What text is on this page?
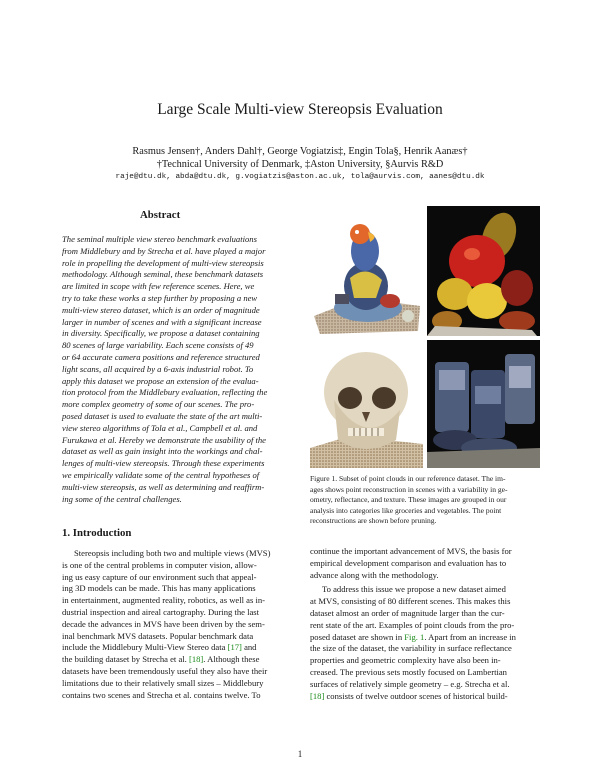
Large Scale Multi-view Stereopsis Evaluation
Rasmus Jensen†, Anders Dahl†, George Vogiatzis‡, Engin Tola§, Henrik Aanæs†
†Technical University of Denmark, ‡Aston University, §Aurvis R&D
raje@dtu.dk, abda@dtu.dk, g.vogiatzis@aston.ac.uk, tola@aurvis.com, aanes@dtu.dk
Abstract
The seminal multiple view stereo benchmark evaluations
from Middlebury and by Strecha et al. have played a major
role in propelling the development of multi-view stereopsis
methodology. Although seminal, these benchmark datasets
are limited in scope with few reference scenes. Here, we
try to take these works a step further by proposing a new
multi-view stereo dataset, which is an order of magnitude
larger in number of scenes and with a significant increase
in diversity. Specifically, we propose a dataset containing
80 scenes of large variability. Each scene consists of 49
or 64 accurate camera positions and reference structured
light scans, all acquired by a 6-axis industrial robot. To
apply this dataset we propose an extension of the evalua-
tion protocol from the Middlebury evaluation, reflecting the
more complex geometry of some of our scenes. The pro-
posed dataset is used to evaluate the state of the art multi-
view stereo algorithms of Tola et al., Campbell et al. and
Furukawa et al. Hereby we demonstrate the usability of the
dataset as well as gain insight into the workings and chal-
lenges of multi-view stereopsis. Through these experiments
we empirically validate some of the central hypotheses of
multi-view stereopsis, as well as determining and reaffirm-
ing some of the central challenges.
Figure 1. Subset of point clouds in our reference dataset. The im-
ages shows point reconstruction in scenes with a variability in ge-
ometry, reflectance, and texture. These images are grouped in our
analysis into categories like groceries and vegetables. The point
reconstructions are shown before pruning.
1. Introduction
Stereopsis including both two and multiple views (MVS)
is one of the central problems in computer vision, allow-
ing us easy capture of our environment such that appeal-
ing 3D models can be made. This has many applications
in entertainment, augmented reality, robotics, as well as in-
dustrial inspection and aireal cartography. During the last
decade the advances in MVS have been driven by the sem-
inal benchmark MVS datasets. Popular benchmark data
include the Middlebury Multi-View Stereo data [17] and
the building dataset by Strecha et al. [18]. Although these
datasets have been tremendously useful they also have their
limitations due to their relatively small sizes – Middlebury
contains two scenes and Strecha et al. contains twelve. To
continue the important advancement of MVS, the basis for
empirical development comparison and evaluation has to
advance along with the methodology.
To address this issue we propose a new dataset aimed
at MVS, consisting of 80 different scenes. This makes this
dataset almost an order of magnitude larger than the cur-
rent state of the art. Examples of point clouds from the pro-
posed dataset are shown in Fig. 1. Apart from an increase in
the size of the dataset, the variability in surface reflectance
properties and geometric complexity have also been in-
creased. The previous sets mostly focused on Lambertian
surfaces of relatively simple geometry – e.g. Strecha et al.
[18] consists of twelve outdoor scenes of historical build-
1
